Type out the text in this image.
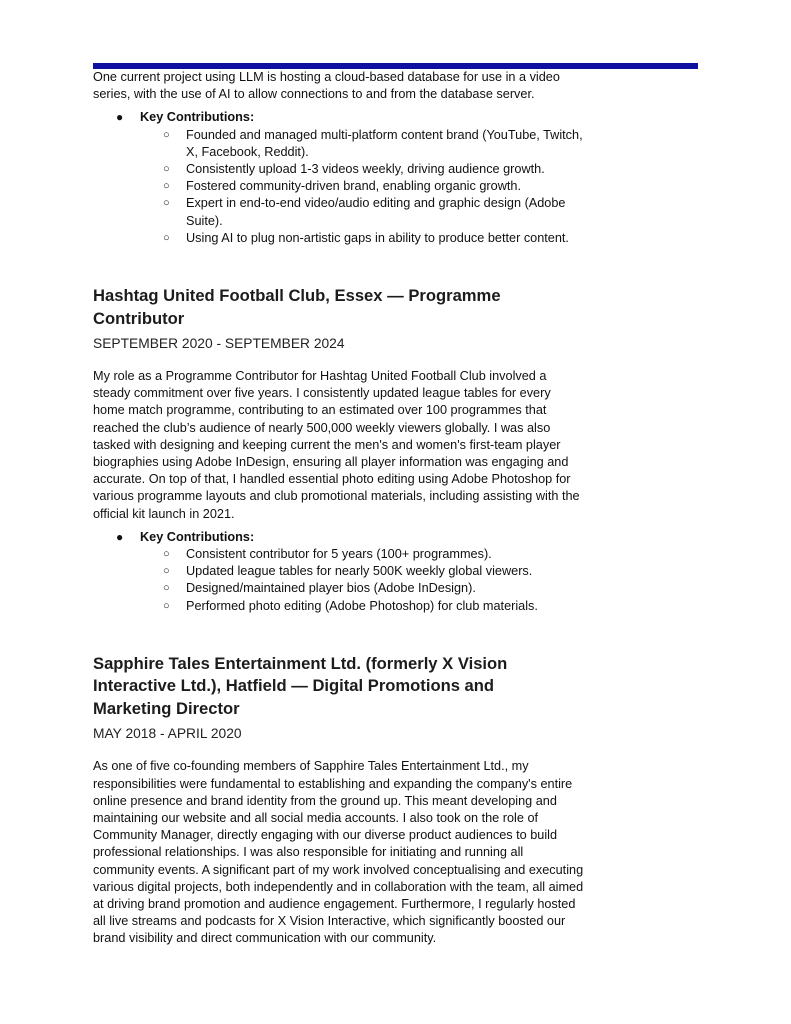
One current project using LLM is hosting a cloud-based database for use in a video series, with the use of AI to allow connections to and from the database server.

● Key Contributions:
○ Founded and managed multi-platform content brand (YouTube, Twitch, X, Facebook, Reddit).
○ Consistently upload 1-3 videos weekly, driving audience growth.
○ Fostered community-driven brand, enabling organic growth.
○ Expert in end-to-end video/audio editing and graphic design (Adobe Suite).
○ Using AI to plug non-artistic gaps in ability to produce better content.
Hashtag United Football Club, Essex — Programme Contributor

SEPTEMBER 2020 - SEPTEMBER 2024

My role as a Programme Contributor for Hashtag United Football Club involved a steady commitment over five years. I consistently updated league tables for every home match programme, contributing to an estimated over 100 programmes that reached the club’s audience of nearly 500,000 weekly viewers globally. I was also tasked with designing and keeping current the men's and women's first-team player biographies using Adobe InDesign, ensuring all player information was engaging and accurate. On top of that, I handled essential photo editing using Adobe Photoshop for various programme layouts and club promotional materials, including assisting with the official kit launch in 2021.

● Key Contributions:
○ Consistent contributor for 5 years (100+ programmes).
○ Updated league tables for nearly 500K weekly global viewers.
○ Designed/maintained player bios (Adobe InDesign).
○ Performed photo editing (Adobe Photoshop) for club materials.
Sapphire Tales Entertainment Ltd. (formerly X Vision Interactive Ltd.), Hatfield — Digital Promotions and Marketing Director

MAY 2018 - APRIL 2020

As one of five co-founding members of Sapphire Tales Entertainment Ltd., my responsibilities were fundamental to establishing and expanding the company's entire online presence and brand identity from the ground up. This meant developing and maintaining our website and all social media accounts. I also took on the role of Community Manager, directly engaging with our diverse product audiences to build professional relationships. I was also responsible for initiating and running all community events. A significant part of my work involved conceptualising and executing various digital projects, both independently and in collaboration with the team, all aimed at driving brand promotion and audience engagement. Furthermore, I regularly hosted all live streams and podcasts for X Vision Interactive, which significantly boosted our brand visibility and direct communication with our community.
